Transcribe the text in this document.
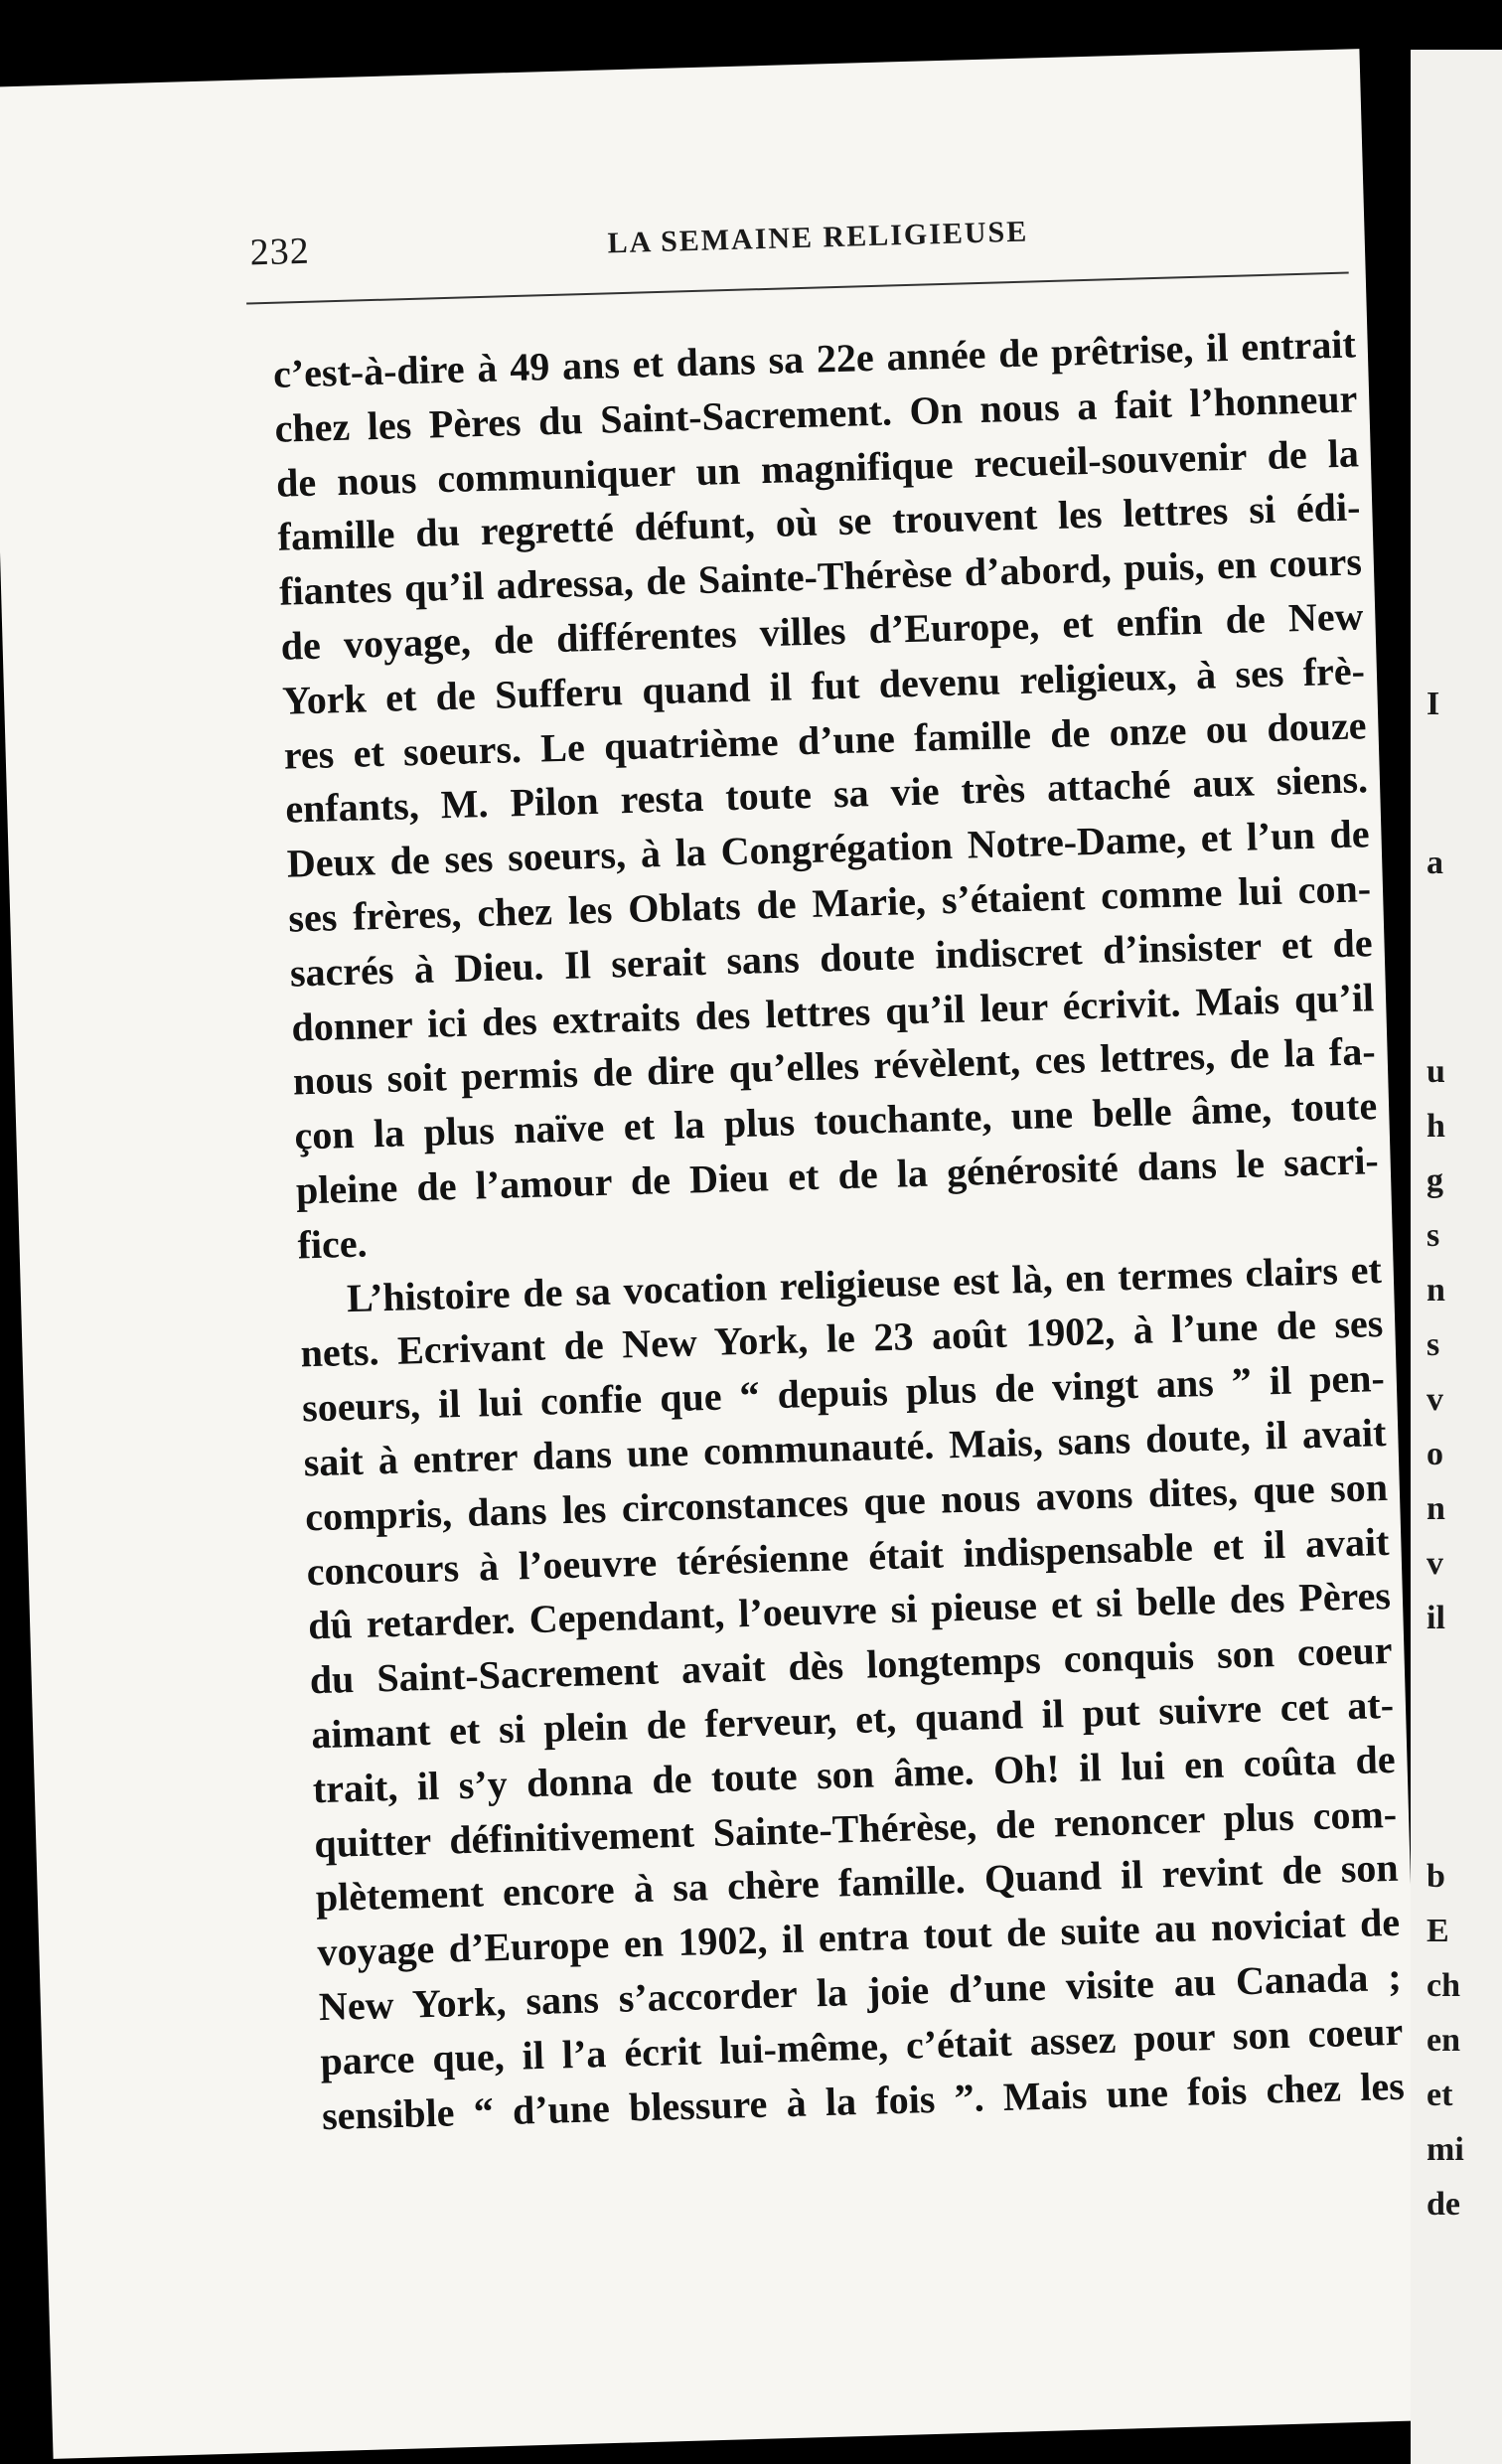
232	LA SEMAINE RELIGIEUSE
c’est-à-dire à 49 ans et dans sa 22e année de prêtrise, il entrait
chez les Pères du Saint-Sacrement. On nous a fait l’honneur
de nous communiquer un magnifique recueil-souvenir de la
famille du regretté défunt, où se trouvent les lettres si édi-
fiantes qu’il adressa, de Sainte-Thérèse d’abord, puis, en cours
de voyage, de différentes villes d’Europe, et enfin de New
York et de Sufferu quand il fut devenu religieux, à ses frè-
res et soeurs. Le quatrième d’une famille de onze ou douze
enfants, M. Pilon resta toute sa vie très attaché aux siens.
Deux de ses soeurs, à la Congrégation Notre-Dame, et l’un de
ses frères, chez les Oblats de Marie, s’étaient comme lui con-
sacrés à Dieu. Il serait sans doute indiscret d’insister et de
donner ici des extraits des lettres qu’il leur écrivit. Mais qu’il
nous soit permis de dire qu’elles révèlent, ces lettres, de la fa-
çon la plus naïve et la plus touchante, une belle âme, toute
pleine de l’amour de Dieu et de la générosité dans le sacri-
fice.
L’histoire de sa vocation religieuse est là, en termes clairs et
nets. Ecrivant de New York, le 23 août 1902, à l’une de ses
soeurs, il lui confie que “ depuis plus de vingt ans ” il pen-
sait à entrer dans une communauté. Mais, sans doute, il avait
compris, dans les circonstances que nous avons dites, que son
concours à l’oeuvre térésienne était indispensable et il avait
dû retarder. Cependant, l’oeuvre si pieuse et si belle des Pères
du Saint-Sacrement avait dès longtemps conquis son coeur
aimant et si plein de ferveur, et, quand il put suivre cet at-
trait, il s’y donna de toute son âme. Oh! il lui en coûta de
quitter définitivement Sainte-Thérèse, de renoncer plus com-
plètement encore à sa chère famille. Quand il revint de son
voyage d’Europe en 1902, il entra tout de suite au noviciat de
New York, sans s’accorder la joie d’une visite au Canada ;
parce que, il l’a écrit lui-même, c’était assez pour son coeur
sensible “ d’une blessure à la fois ”. Mais une fois chez les
I
a
u
h
g
s
n
s
v
o
n
v
il
b
E
ch
en
et
mi
de
